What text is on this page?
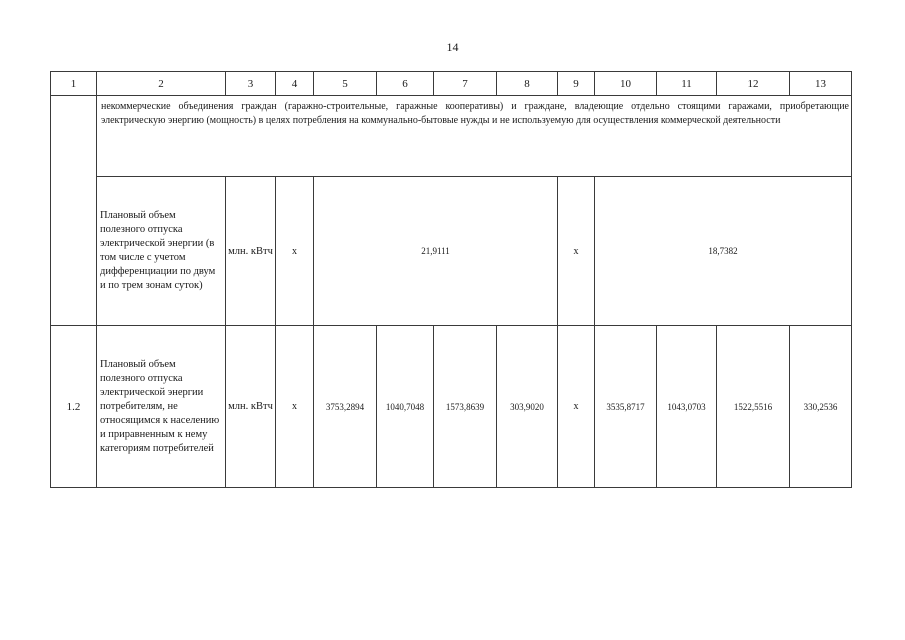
14
1	2	3	4	5	6	7	8	9	10	11	12	13
	некоммерческие объединения граждан (гаражно-строительные, гаражные кооперативы) и граждане, владеющие отдельно стоящими гаражами, приобретающие электрическую энергию (мощность) в целях потребления на коммунально-бытовые нужды и не используемую для осуществления коммерческой деятельности											
	Плановый объем полезного отпуска электрической энергии (в том числе с учетом дифференциации по двум и по трем зонам суток)	млн. кВтч	х	21,9111				х	18,7382			
1.2	Плановый объем полезного отпуска электрической энергии потребителям, не относящимся к населению и приравненным к нему категориям потребителей	млн. кВтч	х	3753,2894	1040,7048	1573,8639	303,9020	х	3535,8717	1043,0703	1522,5516	330,2536
